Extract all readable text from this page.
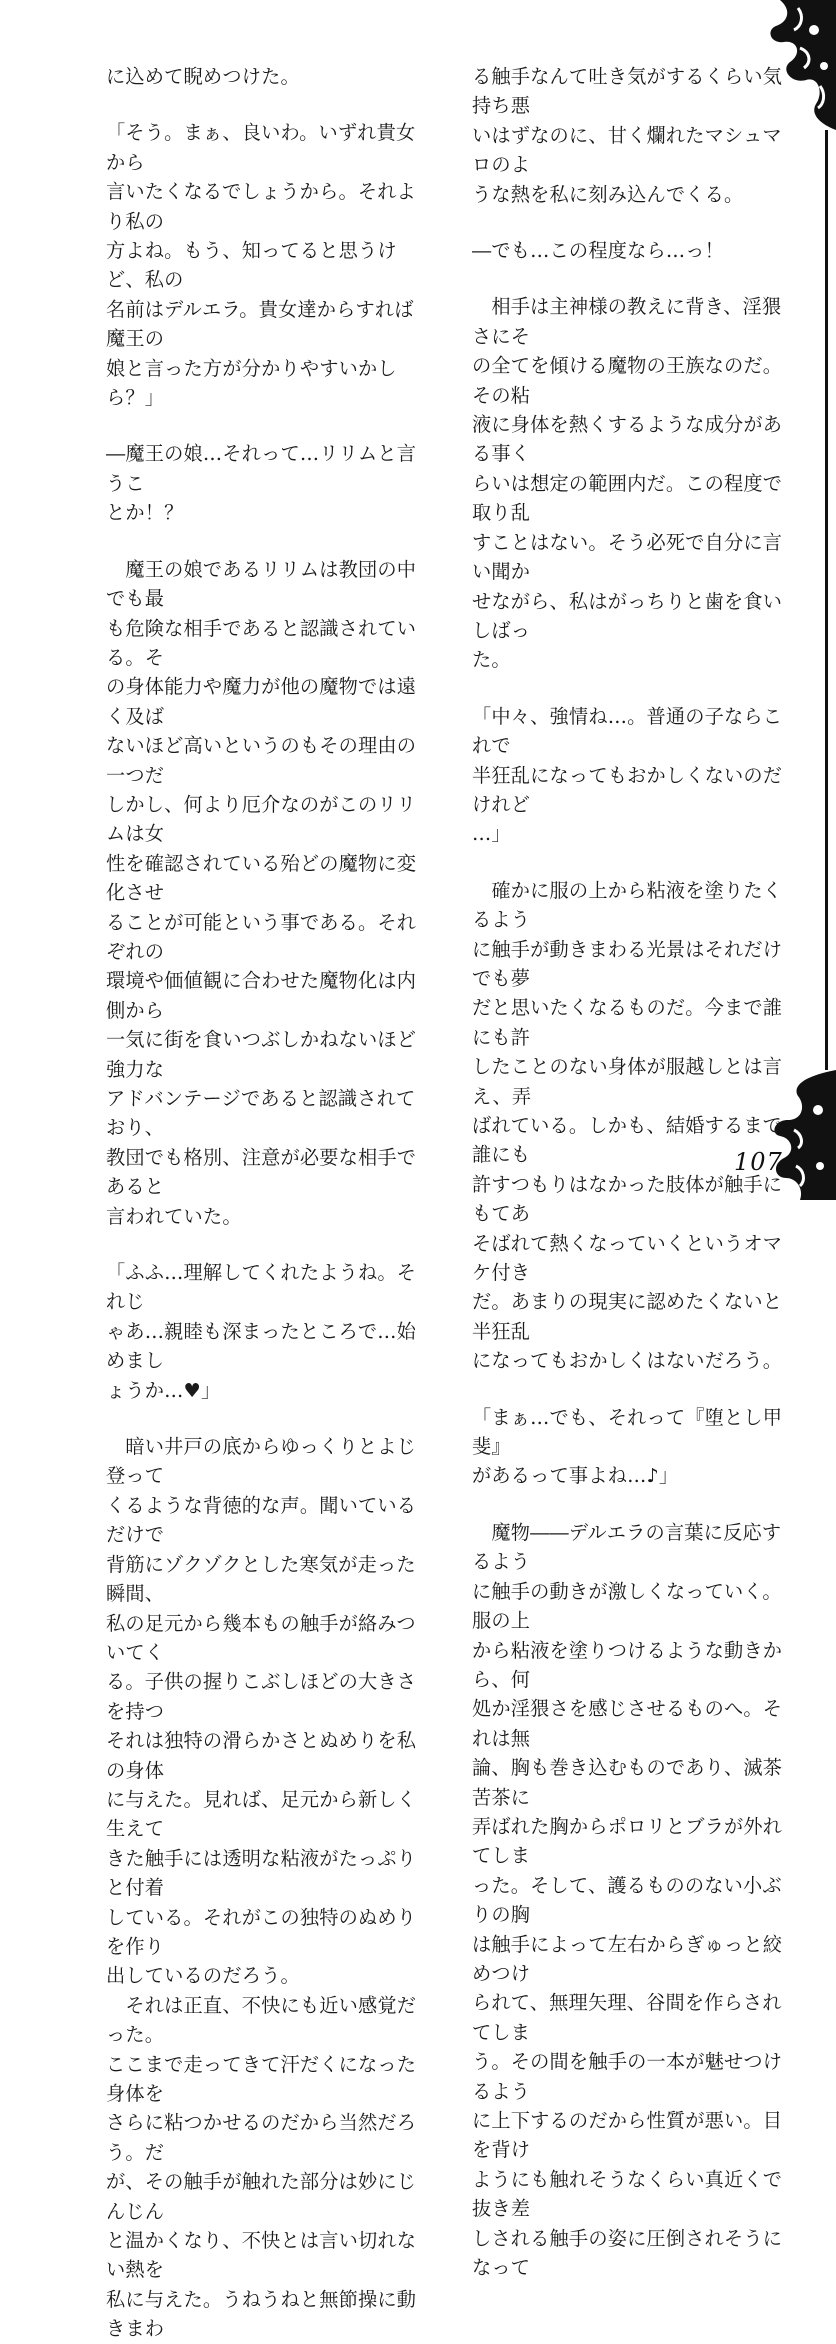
に込めて睨めつけた。

「そう。まぁ、良いわ。いずれ貴女から
言いたくなるでしょうから。それより私の
方よね。もう、知ってると思うけど、私の
名前はデルエラ。貴女達からすれば魔王の
娘と言った方が分かりやすいかしら？」

―魔王の娘…それって…リリムと言うこ
とか！？

　魔王の娘であるリリムは教団の中でも最
も危険な相手であると認識されている。そ
の身体能力や魔力が他の魔物では遠く及ば
ないほど高いというのもその理由の一つだ
しかし、何より厄介なのがこのリリムは女
性を確認されている殆どの魔物に変化させ
ることが可能という事である。それぞれの
環境や価値観に合わせた魔物化は内側から
一気に街を食いつぶしかねないほど強力な
アドバンテージであると認識されており、
教団でも格別、注意が必要な相手であると
言われていた。

「ふふ…理解してくれたようね。それじ
ゃあ…親睦も深まったところで…始めまし
ょうか…♥」

　暗い井戸の底からゆっくりとよじ登って
くるような背徳的な声。聞いているだけで
背筋にゾクゾクとした寒気が走った瞬間、
私の足元から幾本もの触手が絡みついてく
る。子供の握りこぶしほどの大きさを持つ
それは独特の滑らかさとぬめりを私の身体
に与えた。見れば、足元から新しく生えて
きた触手には透明な粘液がたっぷりと付着
している。それがこの独特のぬめりを作り
出しているのだろう。

　それは正直、不快にも近い感覚だった。
ここまで走ってきて汗だくになった身体を
さらに粘つかせるのだから当然だろう。だ
が、その触手が触れた部分は妙にじんじん
と温かくなり、不快とは言い切れない熱を
私に与えた。うねうねと無節操に動きまわ

る触手なんて吐き気がするくらい気持ち悪
いはずなのに、甘く爛れたマシュマロのよ
うな熱を私に刻み込んでくる。

―でも…この程度なら…っ！

　相手は主神様の教えに背き、淫猥さにそ
の全てを傾ける魔物の王族なのだ。その粘
液に身体を熱くするような成分がある事く
らいは想定の範囲内だ。この程度で取り乱
すことはない。そう必死で自分に言い聞か
せながら、私はがっちりと歯を食いしばっ
た。

「中々、強情ね…。普通の子ならこれで
半狂乱になってもおかしくないのだけれど
…」

　確かに服の上から粘液を塗りたくるよう
に触手が動きまわる光景はそれだけでも夢
だと思いたくなるものだ。今まで誰にも許
したことのない身体が服越しとは言え、弄
ばれている。しかも、結婚するまで誰にも
許すつもりはなかった肢体が触手にもてあ
そばれて熱くなっていくというオマケ付き
だ。あまりの現実に認めたくないと半狂乱
になってもおかしくはないだろう。

「まぁ…でも、それって『堕とし甲斐』
があるって事よね…♪」

　魔物――デルエラの言葉に反応するよう
に触手の動きが激しくなっていく。服の上
から粘液を塗りつけるような動きから、何
処か淫猥さを感じさせるものへ。それは無
論、胸も巻き込むものであり、滅茶苦茶に
弄ばれた胸からポロリとブラが外れてしま
った。そして、護るもののない小ぶりの胸
は触手によって左右からぎゅっと絞めつけ
られて、無理矢理、谷間を作らされてしま
う。その間を触手の一本が魅せつけるよう
に上下するのだから性質が悪い。目を背け
ようにも触れそうなくらい真近くで抜き差
しされる触手の姿に圧倒されそうになって

107
